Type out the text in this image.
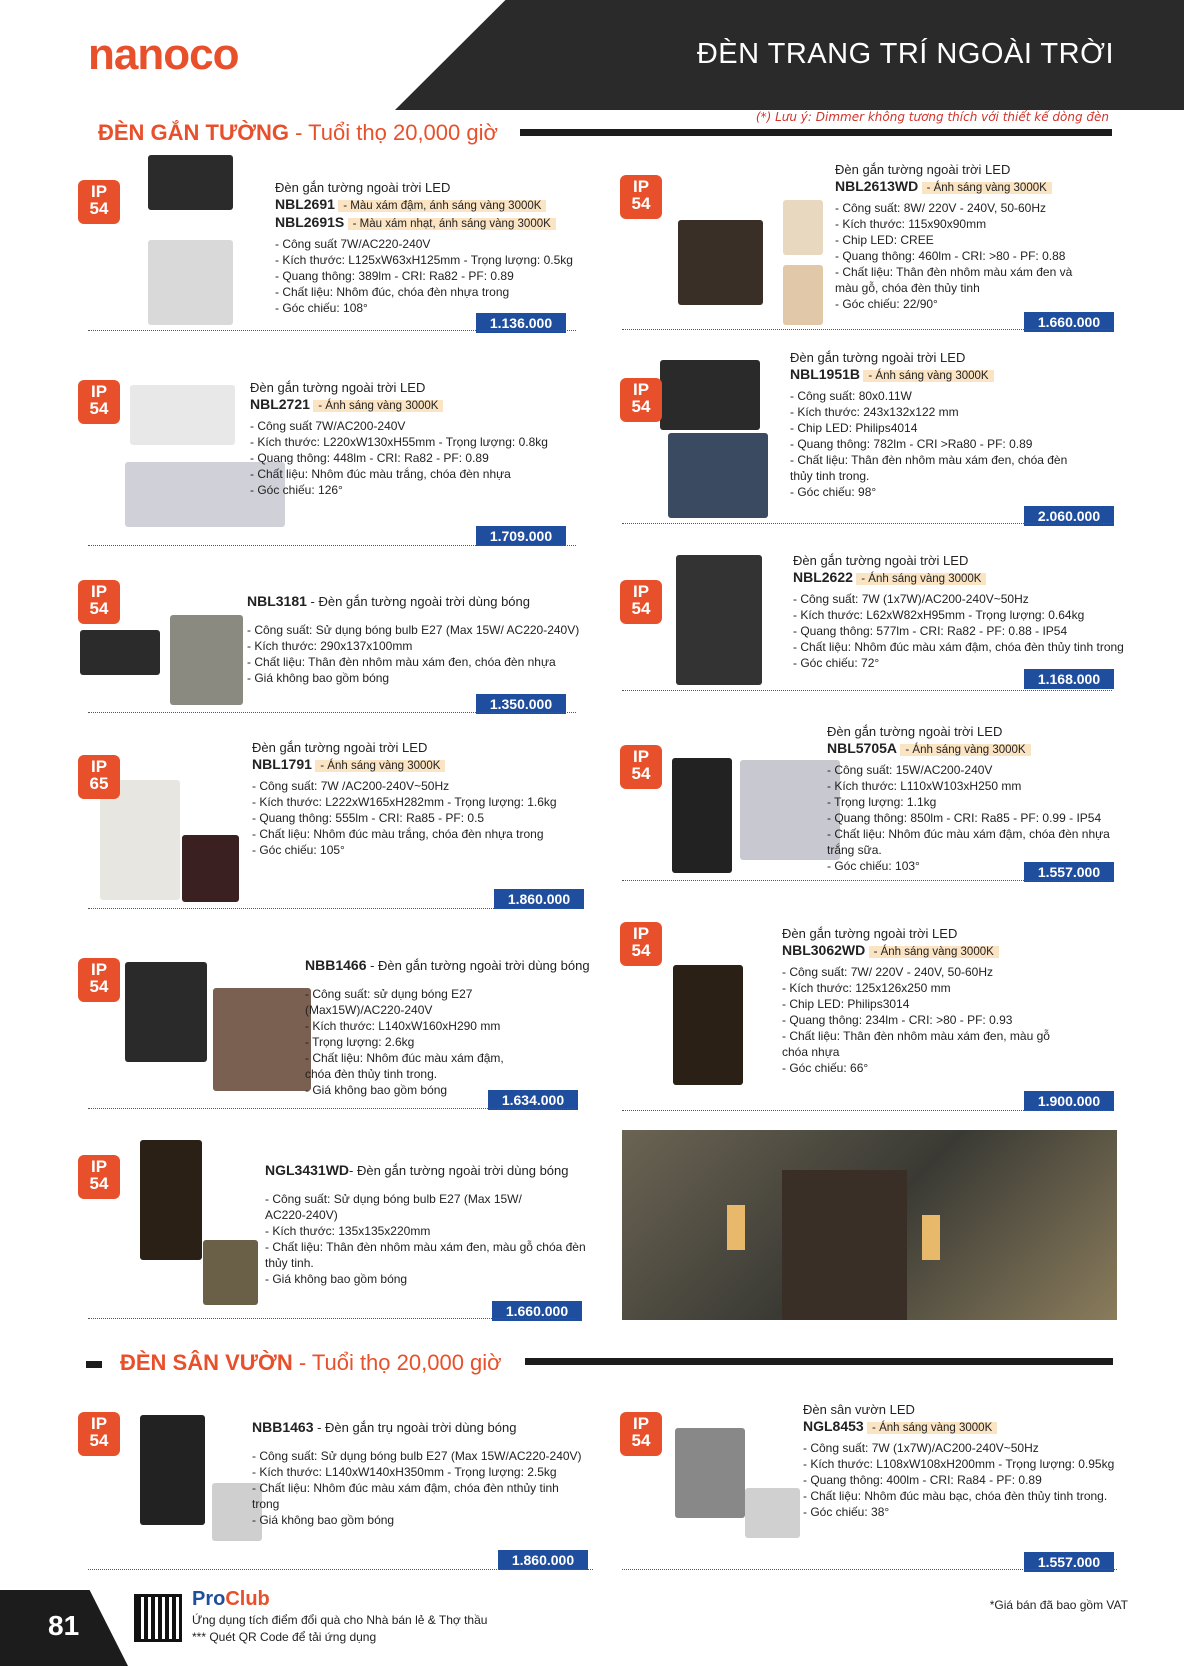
nanoco	ĐÈN TRANG TRÍ NGOÀI TRỜI
(*) Lưu ý: Dimmer không tương thích với thiết kế dòng đèn
ĐÈN GẮN TƯỜNG - Tuổi thọ 20,000 giờ
ĐÈN SÂN VƯỜN - Tuổi thọ 20,000 giờ
IP
54
Đèn gắn tường ngoài trời LED
NBL2691 - Màu xám đậm, ánh sáng vàng 3000K
NBL2691S - Màu xám nhạt, ánh sáng vàng 3000K
- Công suất 7W/AC220-240V
- Kích thước: L125xW63xH125mm - Trọng lượng: 0.5kg
- Quang thông: 389lm - CRI: Ra82 - PF: 0.89
- Chất liệu: Nhôm đúc, chóa đèn nhựa trong
- Góc chiếu: 108°
1.136.000
IP
54
Đèn gắn tường ngoài trời LED
NBL2613WD - Ánh sáng vàng 3000K
- Công suất: 8W/ 220V - 240V, 50-60Hz
- Kích thước: 115x90x90mm
- Chip LED: CREE
- Quang thông: 460lm - CRI: >80 - PF: 0.88
- Chất liệu: Thân đèn nhôm màu xám đen và
màu gỗ, chóa đèn thủy tinh
- Góc chiếu: 22/90°
1.660.000
IP
54
Đèn gắn tường ngoài trời LED
NBL2721 - Ánh sáng vàng 3000K
- Công suất 7W/AC200-240V
- Kích thước: L220xW130xH55mm - Trọng lượng: 0.8kg
- Quang thông: 448lm - CRI: Ra82 - PF: 0.89
- Chất liệu: Nhôm đúc màu trắng, chóa đèn nhựa
- Góc chiếu: 126°
1.709.000
IP
54
Đèn gắn tường ngoài trời LED
NBL1951B - Ánh sáng vàng 3000K
- Công suất: 80x0.11W
- Kích thước: 243x132x122 mm
- Chip LED: Philips4014
- Quang thông: 782lm - CRI >Ra80 - PF: 0.89
- Chất liệu: Thân đèn nhôm màu xám đen, chóa đèn
thủy tinh trong.
- Góc chiếu: 98°
2.060.000
IP
54	NBL3181 - Đèn gắn tường ngoài trời dùng bóng
- Công suất: Sử dụng bóng bulb E27 (Max 15W/ AC220-240V)
- Kích thước: 290x137x100mm
- Chất liệu: Thân đèn nhôm màu xám đen, chóa đèn nhựa
- Giá không bao gồm bóng
1.350.000
IP
54
Đèn gắn tường ngoài trời LED
NBL2622 - Ánh sáng vàng 3000K
- Công suất: 7W (1x7W)/AC200-240V~50Hz
- Kích thước: L62xW82xH95mm - Trọng lượng: 0.64kg
- Quang thông: 577lm - CRI: Ra82 - PF: 0.88 - IP54
- Chất liệu: Nhôm đúc màu xám đậm, chóa đèn thủy tinh trong
- Góc chiếu: 72°
1.168.000
IP
65
Đèn gắn tường ngoài trời LED
NBL1791 - Ánh sáng vàng 3000K
- Công suất: 7W /AC200-240V~50Hz
- Kích thước: L222xW165xH282mm - Trọng lượng: 1.6kg
- Quang thông: 555lm - CRI: Ra85 - PF: 0.5
- Chất liệu: Nhôm đúc màu trắng, chóa đèn nhựa trong
- Góc chiếu: 105°
1.860.000
IP
54
Đèn gắn tường ngoài trời LED
NBL5705A - Ánh sáng vàng 3000K
- Công suất: 15W/AC200-240V
- Kích thước: L110xW103xH250 mm
- Trọng lượng: 1.1kg
- Quang thông: 850lm - CRI: Ra85 - PF: 0.99 - IP54
- Chất liệu: Nhôm đúc màu xám đậm, chóa đèn nhựa
trắng sữa.
- Góc chiếu: 103°	1.557.000
IP
54
NBB1466 - Đèn gắn tường ngoài trời dùng bóng
- Công suất: sử dụng bóng E27
(Max15W)/AC220-240V
- Kích thước: L140xW160xH290 mm
- Trọng lượng: 2.6kg
- Chất liệu: Nhôm đúc màu xám đậm,
chóa đèn thủy tinh trong.
- Giá không bao gồm bóng
1.634.000
IP
54
Đèn gắn tường ngoài trời LED
NBL3062WD - Ánh sáng vàng 3000K
- Công suất: 7W/ 220V - 240V, 50-60Hz
- Kích thước: 125x126x250 mm
- Chip LED: Philips3014
- Quang thông: 234lm - CRI: >80 - PF: 0.93
- Chất liệu: Thân đèn nhôm màu xám đen, màu gỗ
chóa nhựa
- Góc chiếu: 66°
1.900.000
IP
54
NGL3431WD- Đèn gắn tường ngoài trời dùng bóng
- Công suất: Sử dụng bóng bulb E27 (Max 15W/
AC220-240V)
- Kích thước: 135x135x220mm
- Chất liệu: Thân đèn nhôm màu xám đen, màu gỗ chóa đèn
thủy tinh.
- Giá không bao gồm bóng
1.660.000
IP
54
NBB1463 - Đèn gắn trụ ngoài trời dùng bóng
- Công suất: Sử dụng bóng bulb E27 (Max 15W/AC220-240V)
- Kích thước: L140xW140xH350mm - Trọng lượng: 2.5kg
- Chất liệu: Nhôm đúc màu xám đậm, chóa đèn nthủy tinh
trong
- Giá không bao gồm bóng
1.860.000
IP
54
Đèn sân vườn LED
NGL8453 - Ánh sáng vàng 3000K
- Công suất: 7W (1x7W)/AC200-240V~50Hz
- Kích thước: L108xW108xH200mm - Trọng lượng: 0.95kg
- Quang thông: 400lm - CRI: Ra84 - PF: 0.89
- Chất liệu: Nhôm đúc màu bạc, chóa đèn thủy tinh trong.
- Góc chiếu: 38°
1.557.000
81
ProClub
Ứng dụng tích điểm đổi quà cho Nhà bán lẻ & Thợ thầu
*** Quét QR Code để tải ứng dụng
*Giá bán đã bao gồm VAT
